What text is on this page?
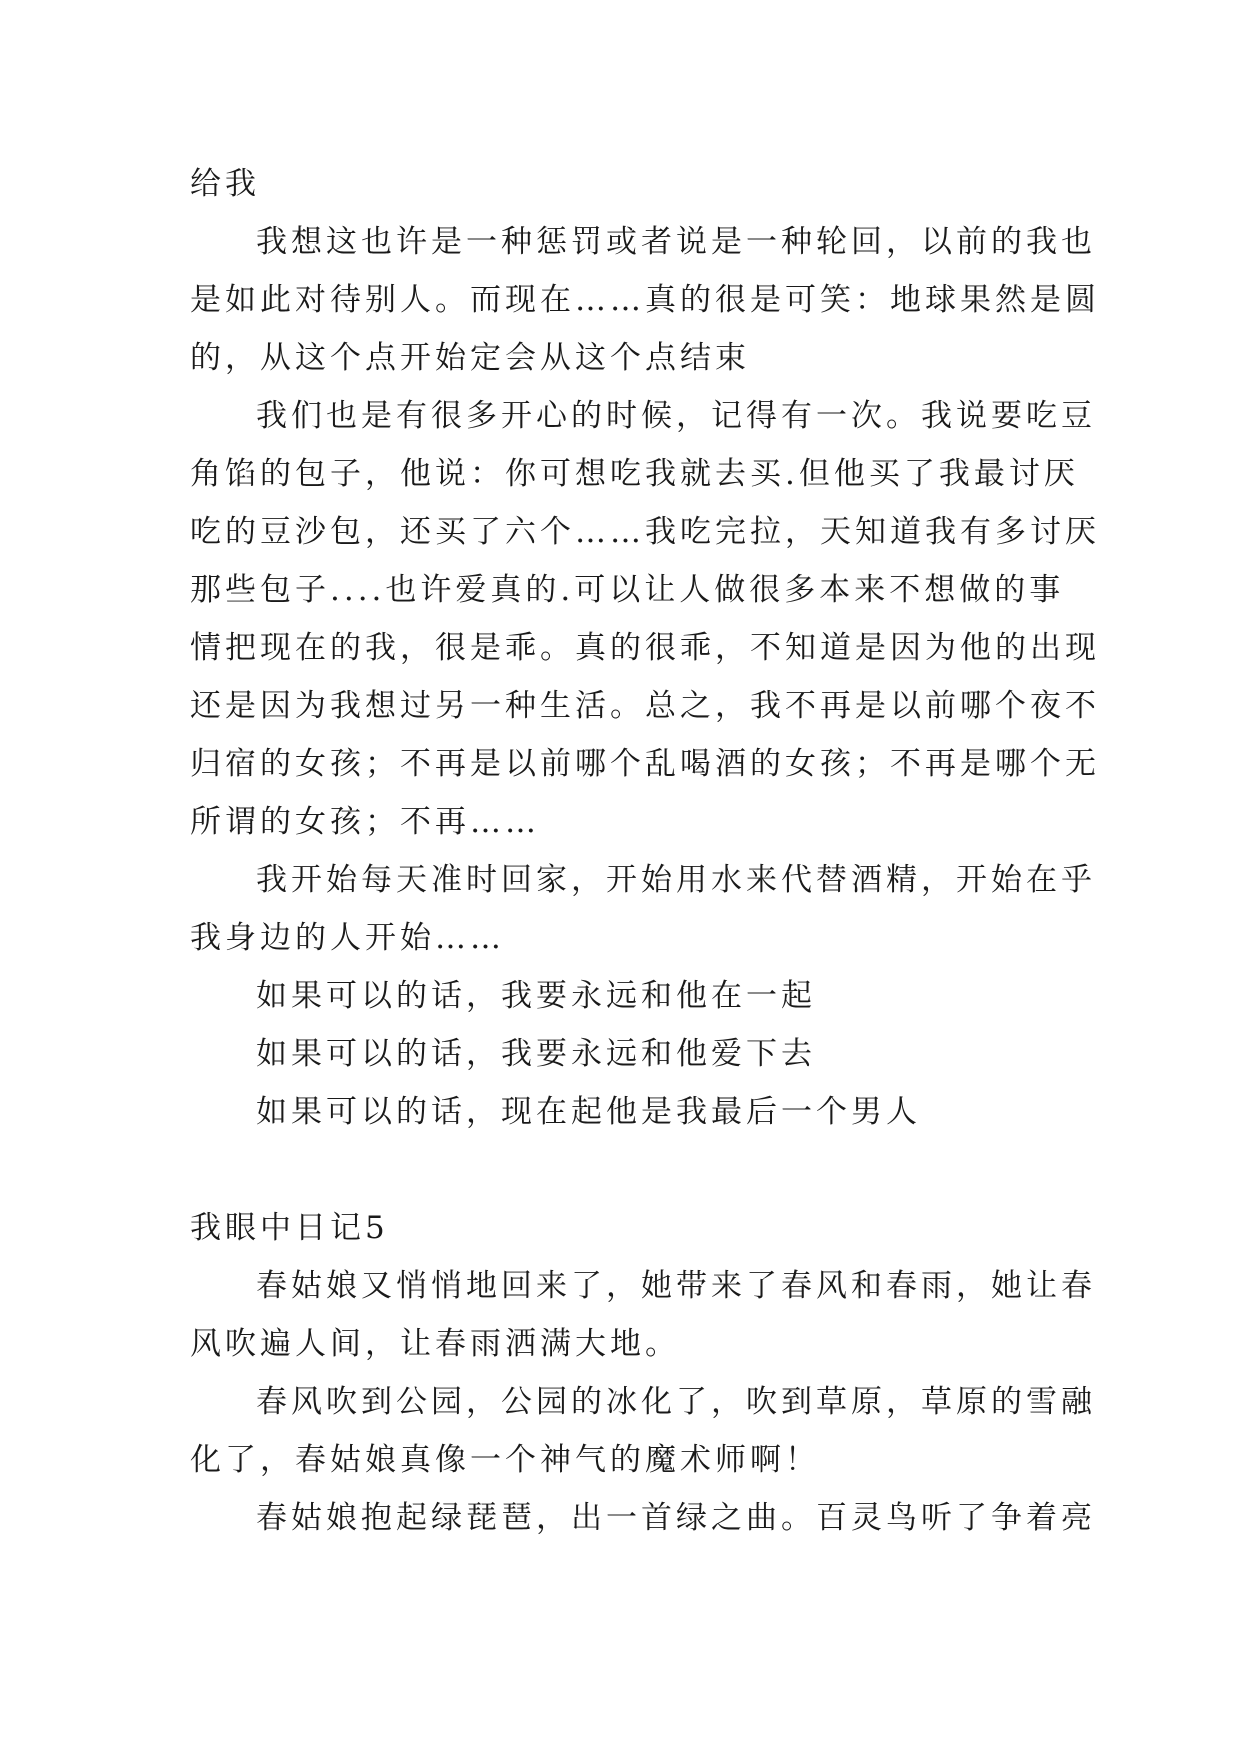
给我

我想这也许是一种惩罚或者说是一种轮回，以前的我也

是如此对待别人。而现在……真的很是可笑：地球果然是圆

的，从这个点开始定会从这个点结束

我们也是有很多开心的时候，记得有一次。我说要吃豆

角馅的包子，他说：你可想吃我就去买.但他买了我最讨厌

吃的豆沙包，还买了六个……我吃完拉，天知道我有多讨厌

那些包子....也许爱真的.可以让人做很多本来不想做的事

情把现在的我，很是乖。真的很乖，不知道是因为他的出现

还是因为我想过另一种生活。总之，我不再是以前哪个夜不

归宿的女孩；不再是以前哪个乱喝酒的女孩；不再是哪个无

所谓的女孩；不再……

我开始每天准时回家，开始用水来代替酒精，开始在乎

我身边的人开始……

如果可以的话，我要永远和他在一起

如果可以的话，我要永远和他爱下去

如果可以的话，现在起他是我最后一个男人

我眼中日记5

春姑娘又悄悄地回来了，她带来了春风和春雨，她让春

风吹遍人间，让春雨洒满大地。

春风吹到公园，公园的冰化了，吹到草原，草原的雪融

化了，春姑娘真像一个神气的魔术师啊！

春姑娘抱起绿琵琶，出一首绿之曲。百灵鸟听了争着亮
